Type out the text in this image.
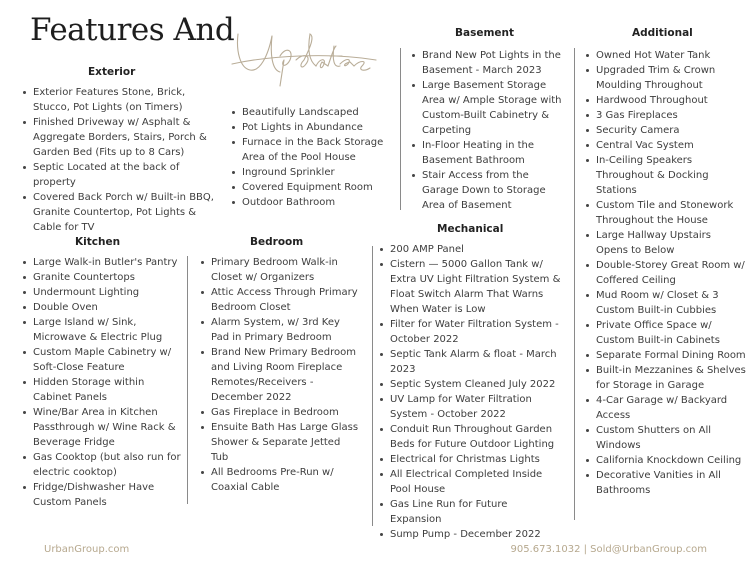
Features And
Exterior
Exterior Features Stone, Brick, Stucco, Pot Lights (on Timers)
Finished Driveway w/ Asphalt & Aggregate Borders, Stairs, Porch & Garden Bed (Fits up to 8 Cars)
Septic Located at the back of property
Covered Back Porch w/ Built-in BBQ, Granite Countertop, Pot Lights & Cable for TV
Beautifully Landscaped
Pot Lights in Abundance
Furnace in the Back Storage Area of the Pool House
Inground Sprinkler
Covered Equipment Room
Outdoor Bathroom
Kitchen
Large Walk-in Butler's Pantry
Granite Countertops
Undermount Lighting
Double Oven
Large Island w/ Sink, Microwave & Electric Plug
Custom Maple Cabinetry w/ Soft-Close Feature
Hidden Storage within Cabinet Panels
Wine/Bar Area in Kitchen Passthrough w/ Wine Rack & Beverage Fridge
Gas Cooktop (but also run for electric cooktop)
Fridge/Dishwasher Have Custom Panels
Bedroom
Primary Bedroom Walk-in Closet w/ Organizers
Attic Access Through Primary Bedroom Closet
Alarm System, w/ 3rd Key Pad in Primary Bedroom
Brand New Primary Bedroom and Living Room Fireplace Remotes/Receivers - December 2022
Gas Fireplace in Bedroom
Ensuite Bath Has Large Glass Shower & Separate Jetted Tub
All Bedrooms Pre-Run w/ Coaxial Cable
Basement
Brand New Pot Lights in the Basement - March 2023
Large Basement Storage Area w/ Ample Storage with Custom-Built Cabinetry & Carpeting
In-Floor Heating in the Basement Bathroom
Stair Access from the Garage Down to Storage Area of Basement
Mechanical
200 AMP Panel
Cistern — 5000 Gallon Tank w/ Extra UV Light Filtration System & Float Switch Alarm That Warns When Water is Low
Filter for Water Filtration System - October 2022
Septic Tank Alarm & float - March 2023
Septic System Cleaned July 2022
UV Lamp for Water Filtration System - October 2022
Conduit Run Throughout Garden Beds for Future Outdoor Lighting
Electrical for Christmas Lights
All Electrical Completed Inside Pool House
Gas Line Run for Future Expansion
Sump Pump - December 2022
Additional
Owned Hot Water Tank
Upgraded Trim & Crown Moulding Throughout
Hardwood Throughout
3 Gas Fireplaces
Security Camera
Central Vac System
In-Ceiling Speakers Throughout & Docking Stations
Custom Tile and Stonework Throughout the House
Large Hallway Upstairs Opens to Below
Double-Storey Great Room w/ Coffered Ceiling
Mud Room w/ Closet & 3 Custom Built-in Cubbies
Private Office Space w/ Custom Built-in Cabinets
Separate Formal Dining Room
Built-in Mezzanines & Shelves for Storage in Garage
4-Car Garage w/ Backyard Access
Custom Shutters on All Windows
California Knockdown Ceiling
Decorative Vanities in All Bathrooms
UrbanGroup.com	905.673.1032 | Sold@UrbanGroup.com
